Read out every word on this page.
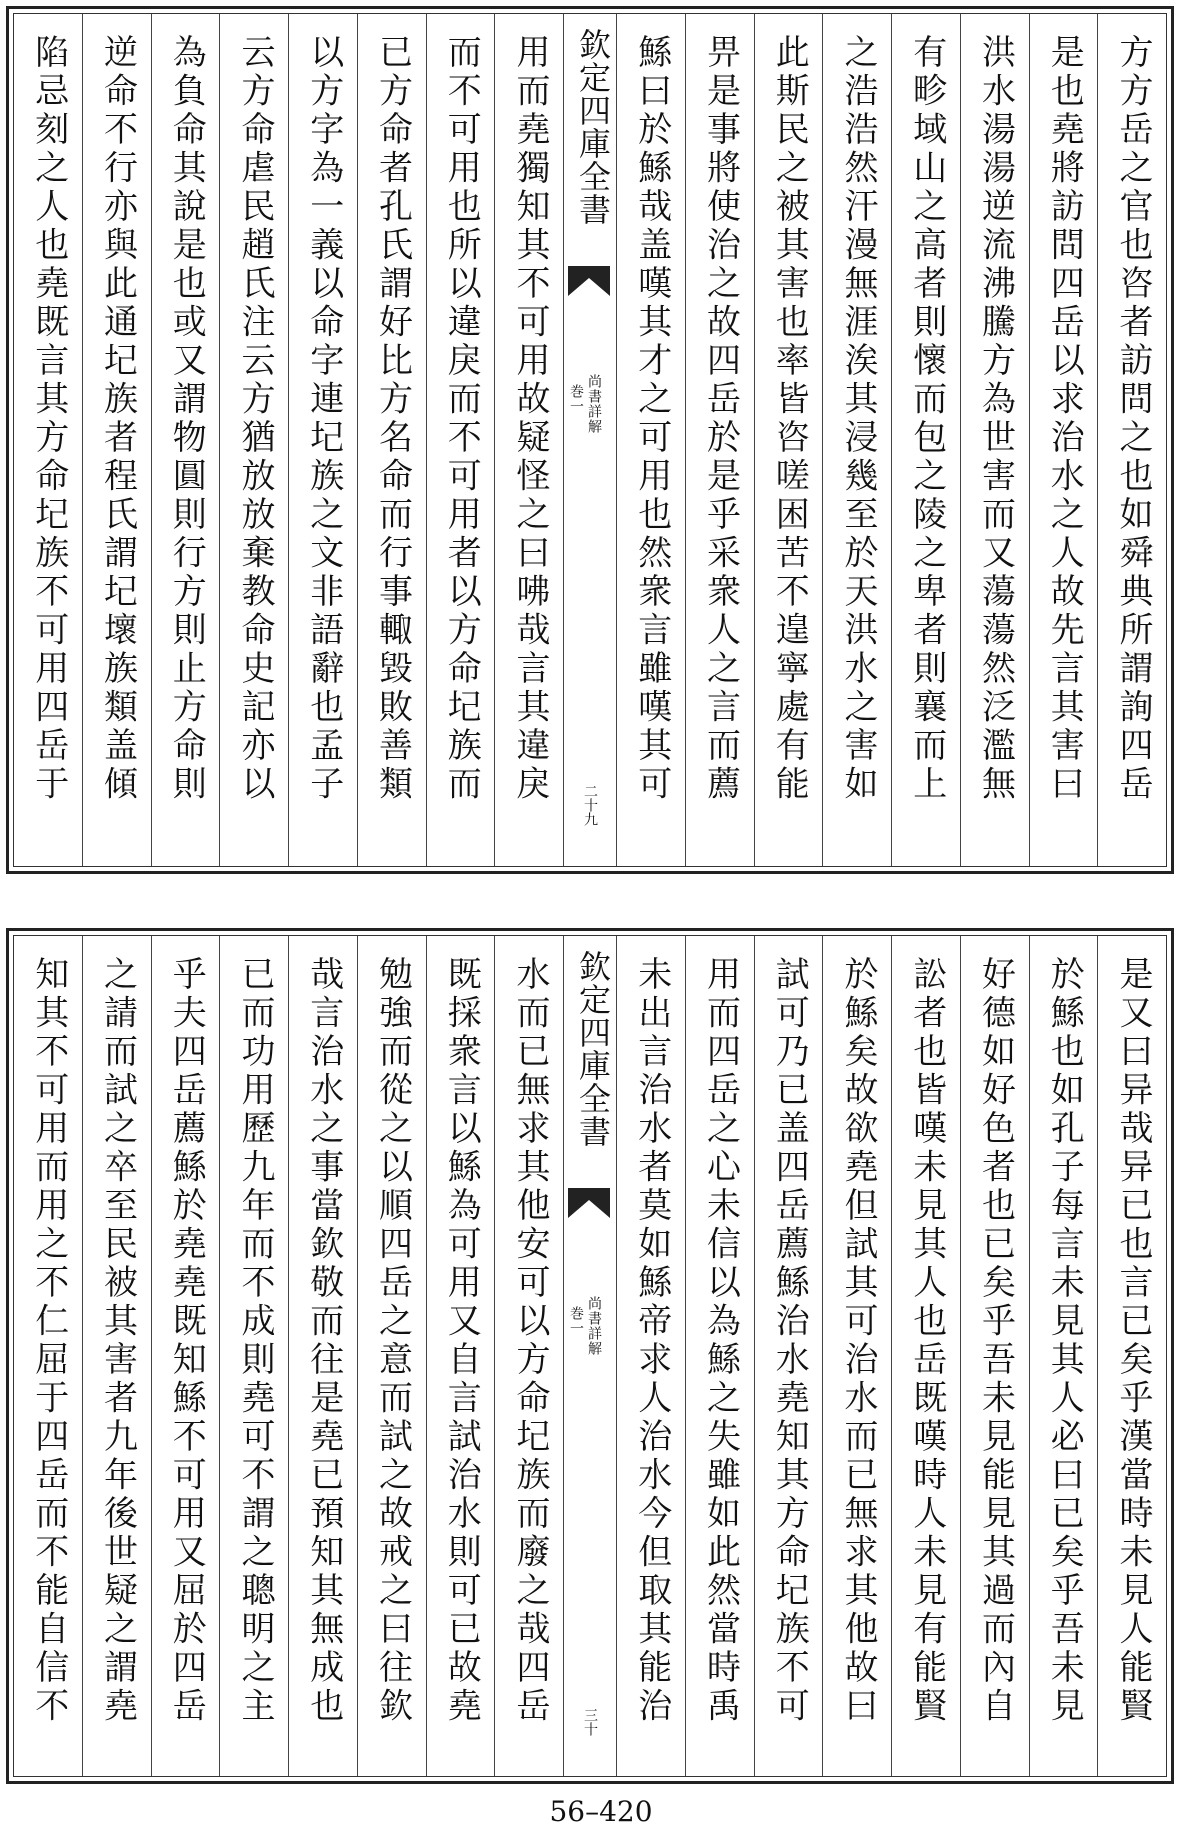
方方岳之官也咨者訪問之也如舜典所謂詢四岳
是也堯將訪問四岳以求治水之人故先言其害曰
洪水湯湯逆流沸騰方為世害而又蕩蕩然泛濫無
有畛域山之高者則懷而包之陵之卑者則襄而上
之浩浩然汗漫無涯涘其浸幾至於天洪水之害如
此斯民之被其害也率皆咨嗟困苦不遑寧處有能
畀是事將使治之故四岳於是乎采衆人之言而薦
鯀曰於鯀哉盖嘆其才之可用也然衆言雖嘆其可
欽定四庫全書
尚書詳解
巻一
二十九
用而堯獨知其不可用故疑怪之曰咈哉言其違戾
而不可用也所以違戾而不可用者以方命圮族而
已方命者孔氏謂好比方名命而行事輙毀敗善類
以方字為一義以命字連圮族之文非語辭也孟子
云方命虐民趙氏注云方猶放放棄教命史記亦以
為負命其說是也或又謂物圓則行方則止方命則
逆命不行亦與此通圮族者程氏謂圮壞族類盖傾
陷忌刻之人也堯既言其方命圮族不可用四岳于
是又曰异哉异已也言已矣乎漢當時未見人能賢
於鯀也如孔子每言未見其人必曰已矣乎吾未見
好德如好色者也已矣乎吾未見能見其過而內自
訟者也皆嘆未見其人也岳既嘆時人未見有能賢
於鯀矣故欲堯但試其可治水而已無求其他故曰
試可乃已盖四岳薦鯀治水堯知其方命圮族不可
用而四岳之心未信以為鯀之失雖如此然當時禹
未出言治水者莫如鯀帝求人治水今但取其能治
欽定四庫全書
尚書詳解
巻一
三十
水而已無求其他安可以方命圮族而廢之哉四岳
既採衆言以鯀為可用又自言試治水則可已故堯
勉強而從之以順四岳之意而試之故戒之曰往欽
哉言治水之事當欽敬而往是堯已預知其無成也
已而功用歷九年而不成則堯可不謂之聰明之主
乎夫四岳薦鯀於堯堯既知鯀不可用又屈於四岳
之請而試之卒至民被其害者九年後世疑之謂堯
知其不可用而用之不仁屈于四岳而不能自信不
56–420
